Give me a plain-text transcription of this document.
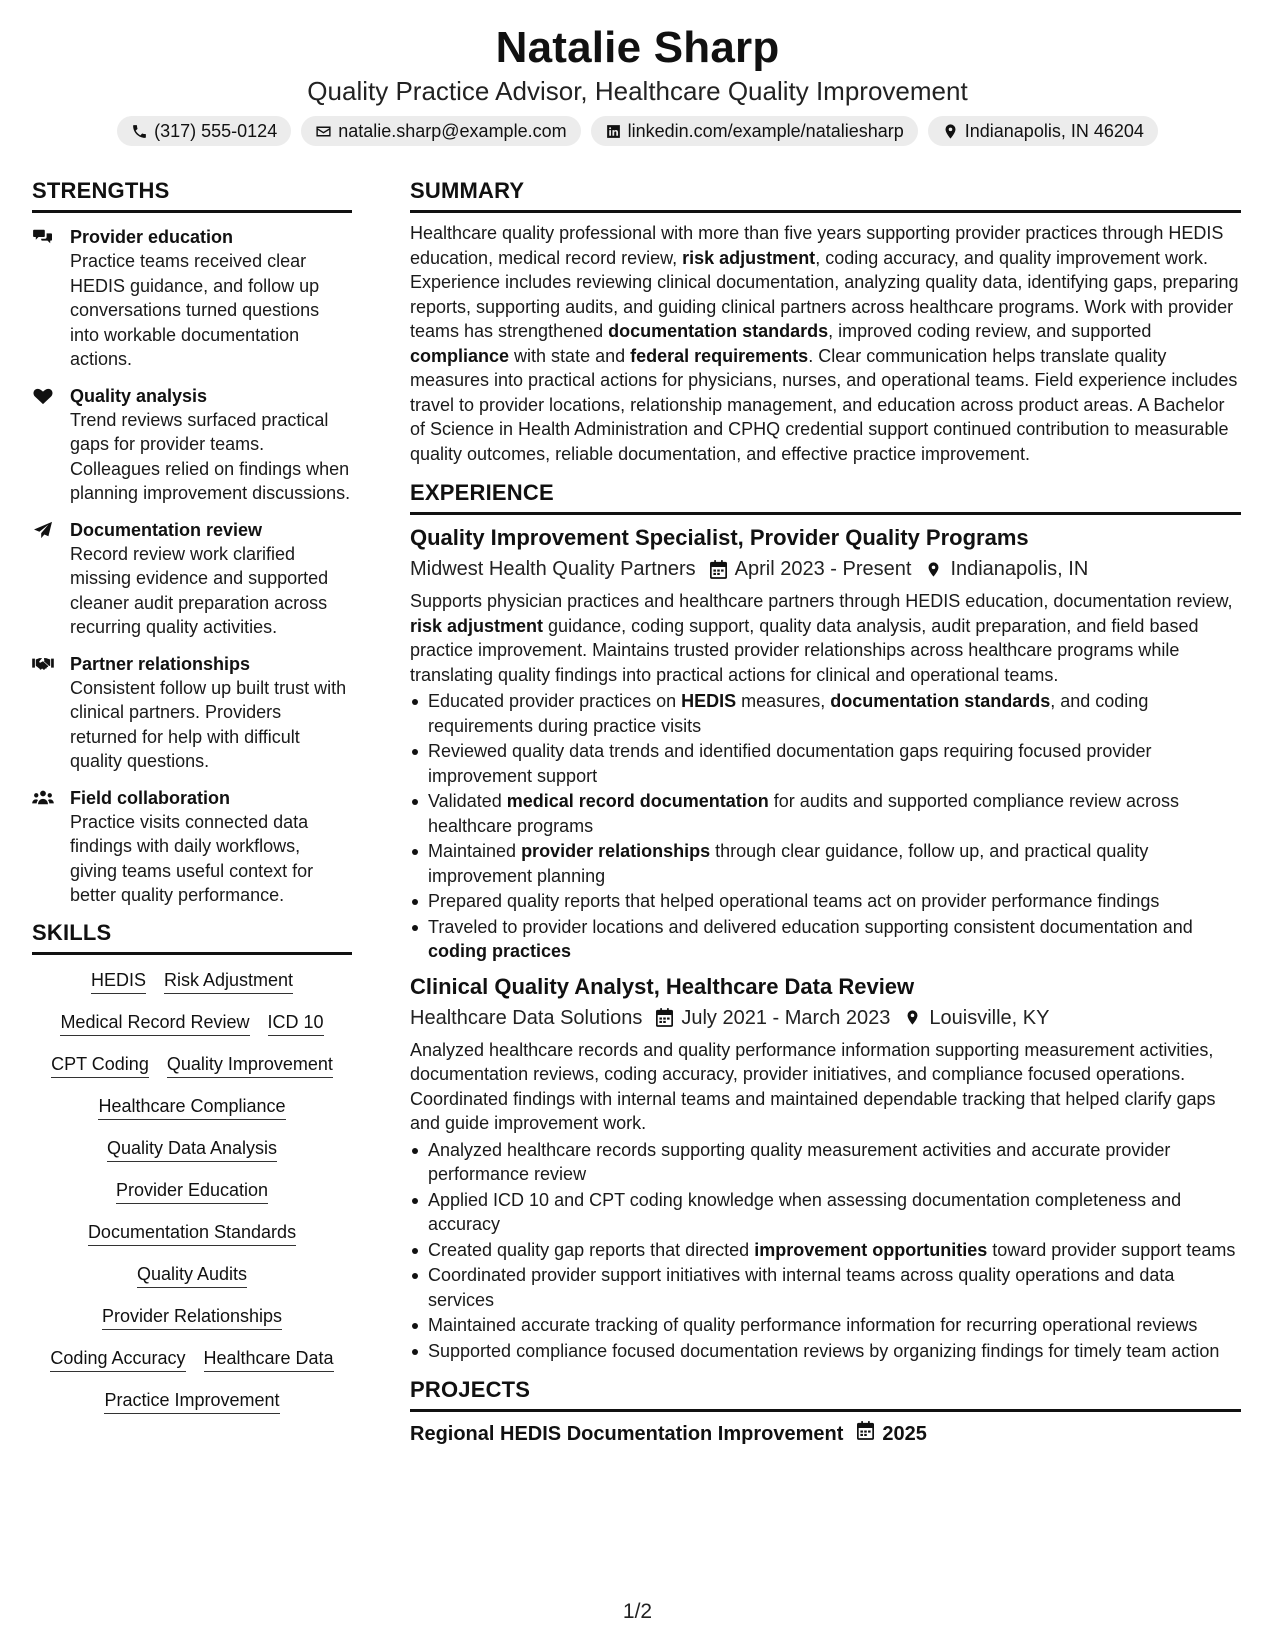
Natalie Sharp
Quality Practice Advisor, Healthcare Quality Improvement
(317) 555-0124	natalie.sharp@example.com	linkedin.com/example/nataliesharp	Indianapolis, IN 46204
STRENGTHS
Provider education
Practice teams received clear HEDIS guidance, and follow up conversations turned questions into workable documentation actions.
Quality analysis
Trend reviews surfaced practical gaps for provider teams. Colleagues relied on findings when planning improvement discussions.
Documentation review
Record review work clarified missing evidence and supported cleaner audit preparation across recurring quality activities.
Partner relationships
Consistent follow up built trust with clinical partners. Providers returned for help with difficult quality questions.
Field collaboration
Practice visits connected data findings with daily workflows, giving teams useful context for better quality performance.
SKILLS
HEDIS Risk Adjustment
Medical Record Review ICD 10
CPT Coding Quality Improvement
Healthcare Compliance
Quality Data Analysis
Provider Education
Documentation Standards
Quality Audits
Provider Relationships
Coding Accuracy Healthcare Data
Practice Improvement
SUMMARY
Healthcare quality professional with more than five years supporting provider practices through HEDIS education, medical record review, risk adjustment, coding accuracy, and quality improvement work. Experience includes reviewing clinical documentation, analyzing quality data, identifying gaps, preparing reports, supporting audits, and guiding clinical partners across healthcare programs. Work with provider teams has strengthened documentation standards, improved coding review, and supported compliance with state and federal requirements. Clear communication helps translate quality measures into practical actions for physicians, nurses, and operational teams. Field experience includes travel to provider locations, relationship management, and education across product areas. A Bachelor of Science in Health Administration and CPHQ credential support continued contribution to measurable quality outcomes, reliable documentation, and effective practice improvement.
EXPERIENCE
Quality Improvement Specialist, Provider Quality Programs
Midwest Health Quality Partners April 2023 - Present Indianapolis, IN
Supports physician practices and healthcare partners through HEDIS education, documentation review, risk adjustment guidance, coding support, quality data analysis, audit preparation, and field based practice improvement. Maintains trusted provider relationships across healthcare programs while translating quality findings into practical actions for clinical and operational teams.
Educated provider practices on HEDIS measures, documentation standards, and coding requirements during practice visits
Reviewed quality data trends and identified documentation gaps requiring focused provider improvement support
Validated medical record documentation for audits and supported compliance review across healthcare programs
Maintained provider relationships through clear guidance, follow up, and practical quality improvement planning
Prepared quality reports that helped operational teams act on provider performance findings
Traveled to provider locations and delivered education supporting consistent documentation and coding practices
Clinical Quality Analyst, Healthcare Data Review
Healthcare Data Solutions July 2021 - March 2023 Louisville, KY
Analyzed healthcare records and quality performance information supporting measurement activities, documentation reviews, coding accuracy, provider initiatives, and compliance focused operations. Coordinated findings with internal teams and maintained dependable tracking that helped clarify gaps and guide improvement work.
Analyzed healthcare records supporting quality measurement activities and accurate provider performance review
Applied ICD 10 and CPT coding knowledge when assessing documentation completeness and accuracy
Created quality gap reports that directed improvement opportunities toward provider support teams
Coordinated provider support initiatives with internal teams across quality operations and data services
Maintained accurate tracking of quality performance information for recurring operational reviews
Supported compliance focused documentation reviews by organizing findings for timely team action
PROJECTS
Regional HEDIS Documentation Improvement 2025
1/2
